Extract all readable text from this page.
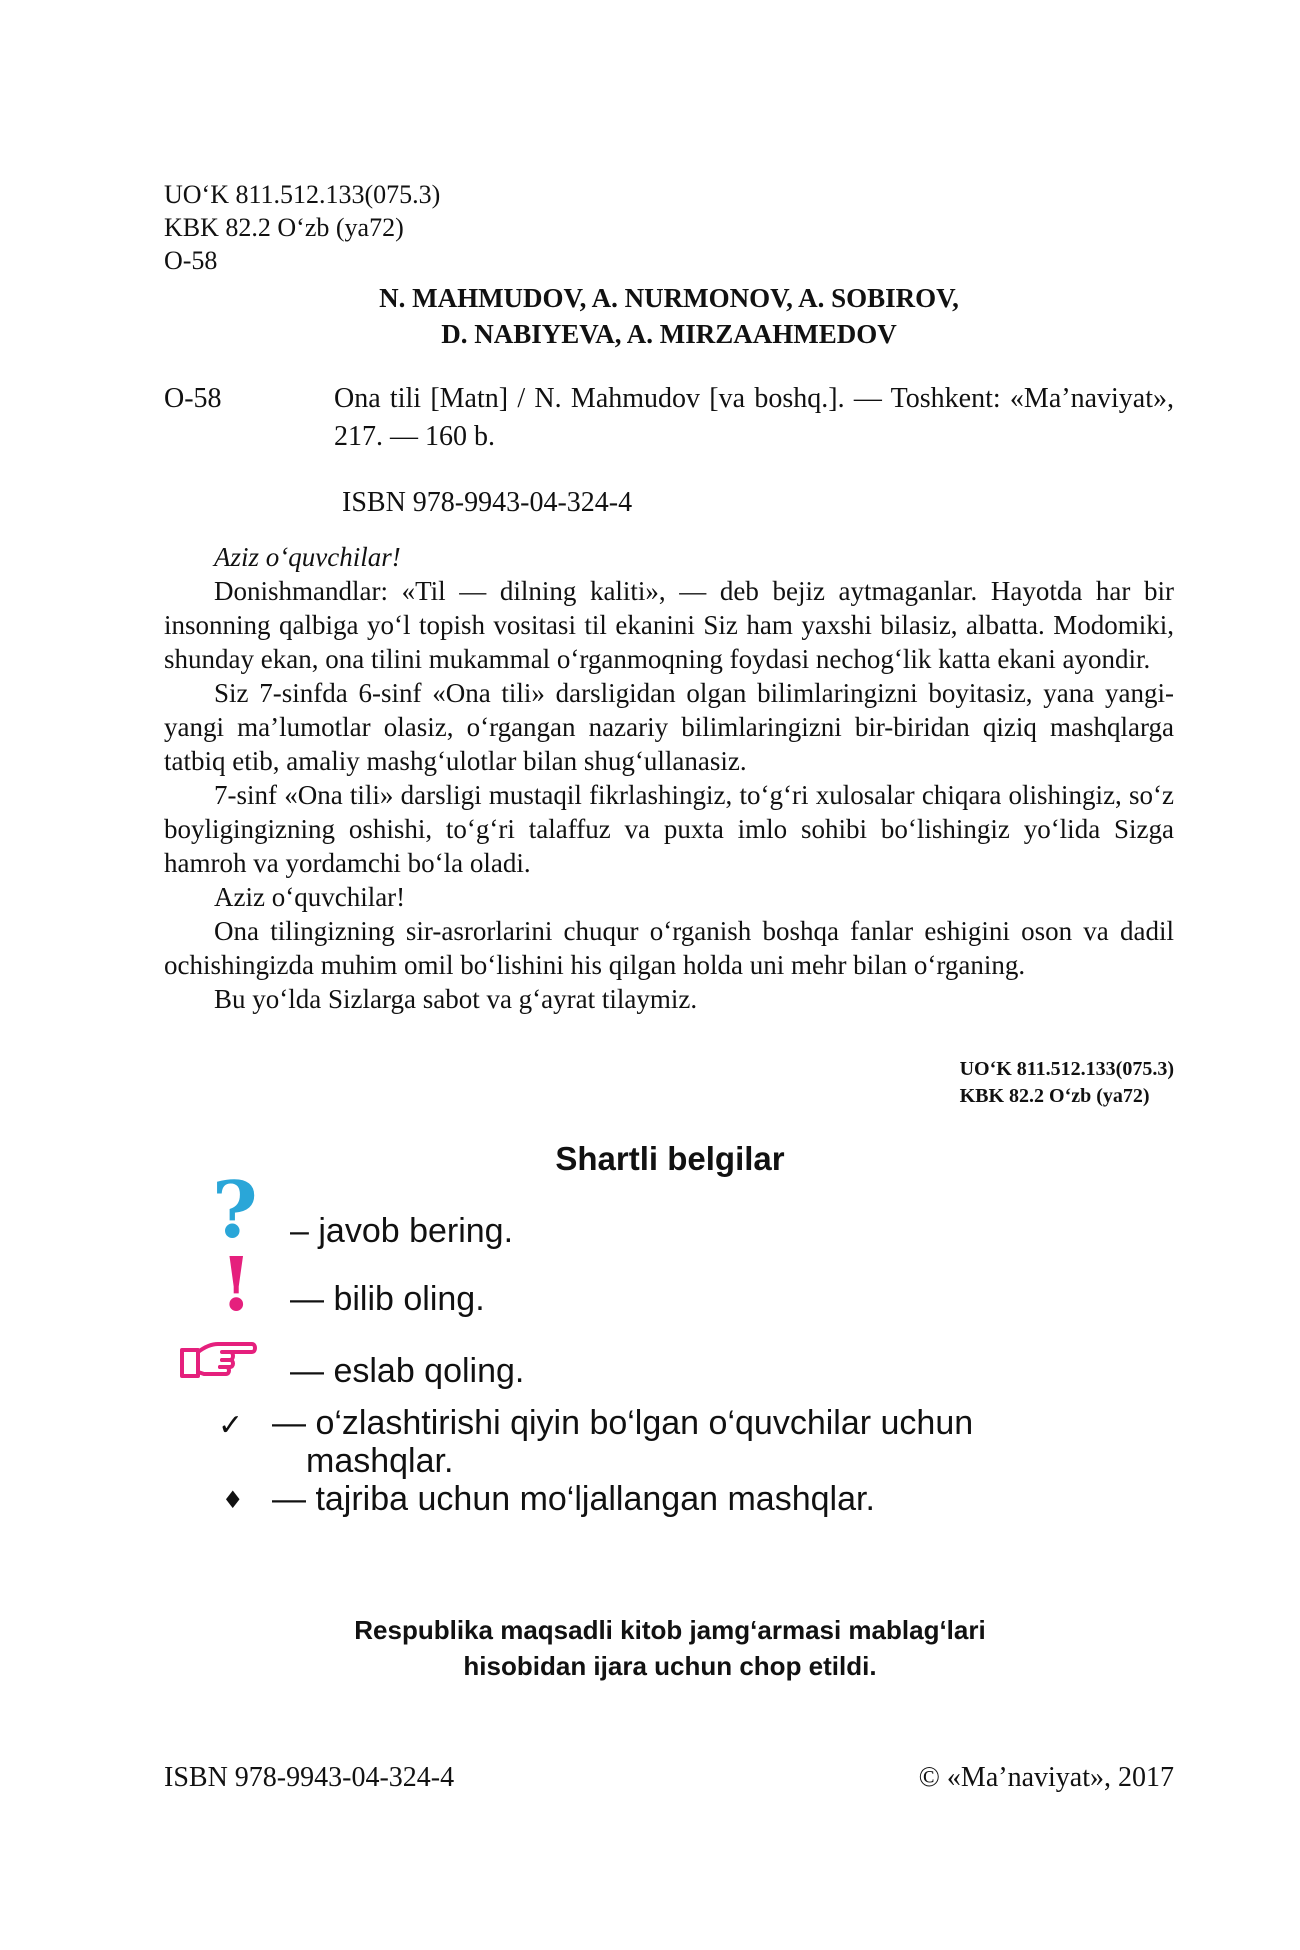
UO‘K 811.512.133(075.3)
KBK 82.2 O‘zb (ya72)
O-58
N. MAHMUDOV, A. NURMONOV, A. SOBIROV,
D. NABIYEVA, A. MIRZAAHMEDOV
O-58	Ona tili [Matn] / N. Mahmudov [va boshq.]. — Toshkent: «Ma’naviyat», 217. — 160 b.
ISBN 978-9943-04-324-4

Aziz o‘quvchilar!

Donishmandlar: «Til — dilning kaliti», — deb bejiz aytmaganlar. Hayotda har bir insonning qalbiga yo‘l topish vositasi til ekanini Siz ham yaxshi bilasiz, albatta. Modomiki, shunday ekan, ona tilini mukammal o‘rganmoqning foydasi nechog‘lik katta ekani ayondir.

Siz 7-sinfda 6-sinf «Ona tili» darsligidan olgan bilimlaringizni boyitasiz, yana yangi-yangi ma’lumotlar olasiz, o‘rgangan nazariy bilimlaringizni bir-biridan qiziq mashqlarga tatbiq etib, amaliy mashg‘ulotlar bilan shug‘ullanasiz.

7-sinf «Ona tili» darsligi mustaqil fikrlashingiz, to‘g‘ri xulosalar chiqara olishingiz, so‘z boyligingizning oshishi, to‘g‘ri talaffuz va puxta imlo sohibi bo‘lishingiz yo‘lida Sizga hamroh va yordamchi bo‘la oladi.

Aziz o‘quvchilar!

Ona tilingizning sir-asrorlarini chuqur o‘rganish boshqa fanlar eshigini oson va dadil ochishingizda muhim omil bo‘lishini his qilgan holda uni mehr bilan o‘rganing.

Bu yo‘lda Sizlarga sabot va g‘ayrat tilaymiz.

UO‘K 811.512.133(075.3)
KBK 82.2 O‘zb (ya72)
Shartli belgilar
? – javob bering.
! — bilib oling.
— eslab qoling.
✓ — o‘zlashtirishi qiyin bo‘lgan o‘quvchilar uchun
mashqlar.
♦ — tajriba uchun mo‘ljallangan mashqlar.
Respublika maqsadli kitob jamg‘armasi mablag‘lari
hisobidan ijara uchun chop etildi.
ISBN 978-9943-04-324-4	© «Ma’naviyat», 2017
